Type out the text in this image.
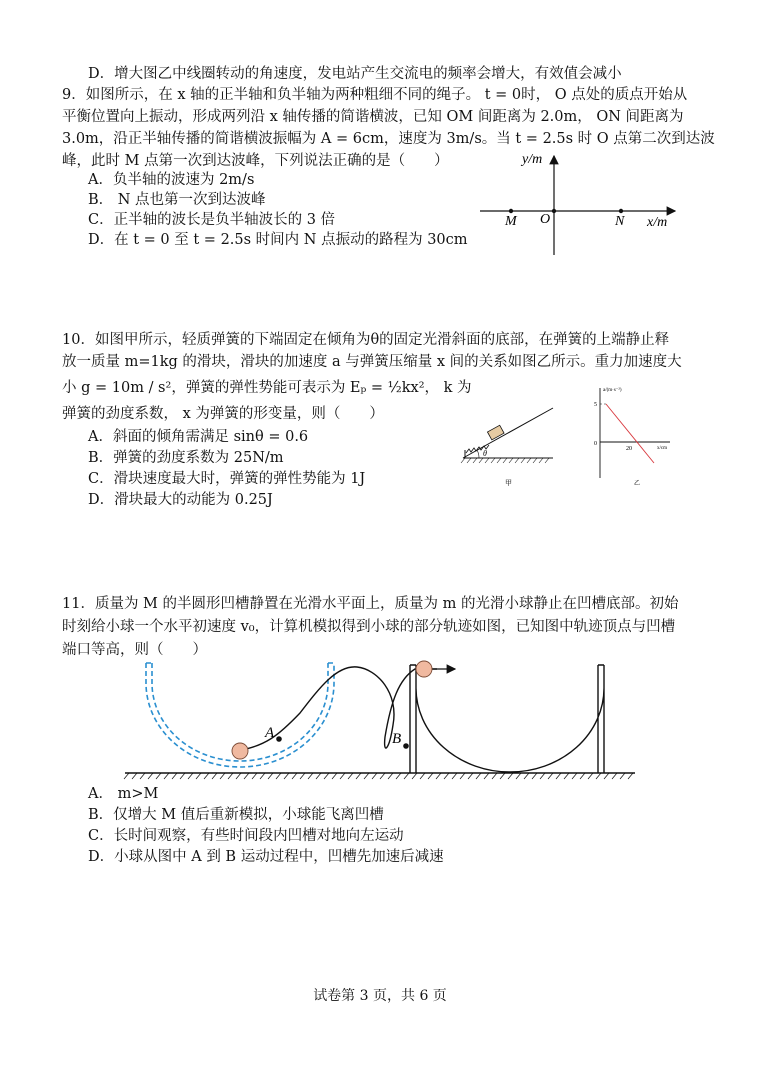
D．增大图乙中线圈转动的角速度，发电站产生交流电的频率会增大，有效值会减小
9．如图所示，在 x 轴的正半轴和负半轴为两种粗细不同的绳子。 t = 0时， O 点处的质点开始从
平衡位置向上振动，形成两列沿 x 轴传播的简谐横波，已知 OM 间距离为 2.0m， ON 间距离为
3.0m，沿正半轴传播的简谐横波振幅为 A = 6cm，速度为 3m/s。当 t = 2.5s 时 O 点第二次到达波
峰，此时 M 点第一次到达波峰，下列说法正确的是（　　）
A．负半轴的波速为 2m/s
B． N 点也第一次到达波峰
C．正半轴的波长是负半轴波长的 3 倍
D．在 t = 0 至 t = 2.5s 时间内 N 点振动的路程为 30cm
y/m
x/m
M O	N
10．如图甲所示，轻质弹簧的下端固定在倾角为θ的固定光滑斜面的底部，在弹簧的上端静止释
放一质量 m=1kg 的滑块，滑块的加速度 a 与弹簧压缩量 x 间的关系如图乙所示。重力加速度大
小 g = 10m / s²，弹簧的弹性势能可表示为 Eₚ = ½kx²， k 为
弹簧的劲度系数， x 为弹簧的形变量，则（　　）
A．斜面的倾角需满足 sinθ = 0.6
B．弹簧的劲度系数为 25N/m
C．滑块速度最大时，弹簧的弹性势能为 1J
D．滑块最大的动能为 0.25J
θ
甲
a/(m·s⁻²)
x/cm
5
0
20
乙
11．质量为 M 的半圆形凹槽静置在光滑水平面上，质量为 m 的光滑小球静止在凹槽底部。初始
时刻给小球一个水平初速度 v₀，计算机模拟得到小球的部分轨迹如图，已知图中轨迹顶点与凹槽
端口等高，则（　　）
A． m>M
B．仅增大 M 值后重新模拟，小球能飞离凹槽
C．长时间观察，有些时间段内凹槽对地向左运动
D．小球从图中 A 到 B 运动过程中，凹槽先加速后减速
A	B
试卷第 3 页，共 6 页
